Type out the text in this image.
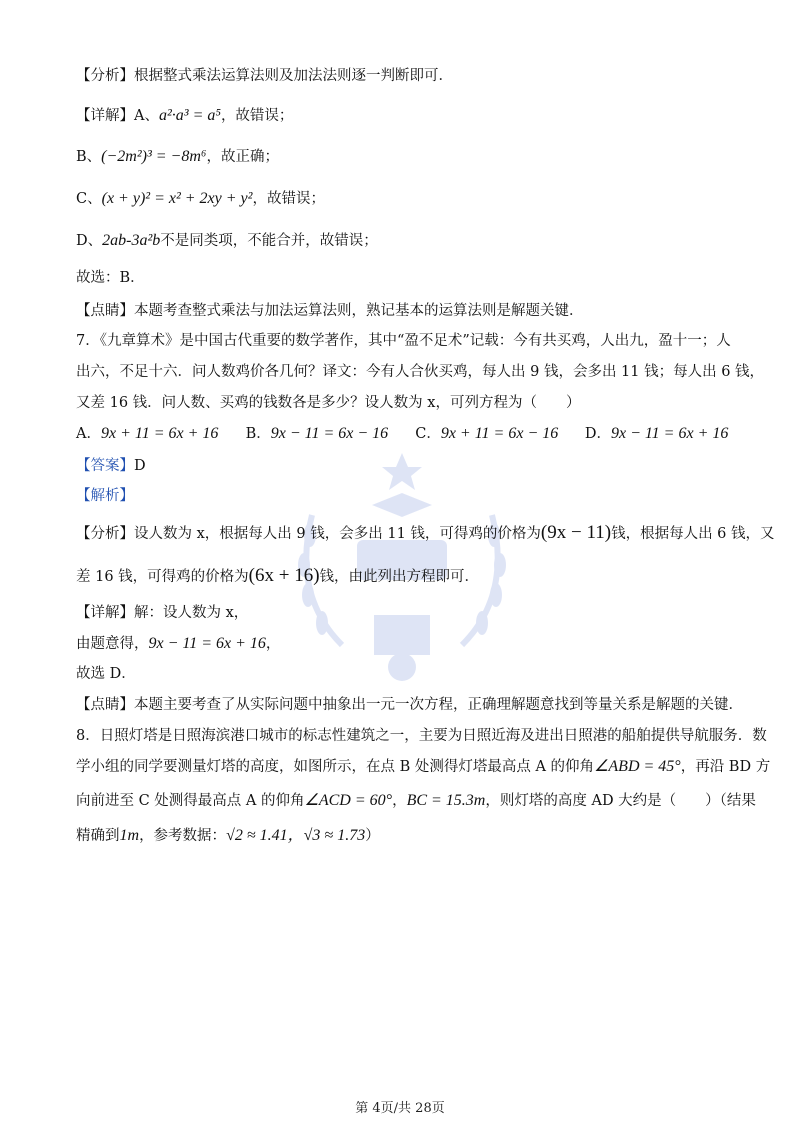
【分析】根据整式乘法运算法则及加法法则逐一判断即可．
【详解】A、a²·a³ = a⁵，故错误；
B、(−2m²)³ = −8m⁶，故正确；
C、(x + y)² = x² + 2xy + y²，故错误；
D、2ab-3a²b不是同类项，不能合并，故错误；
故选：B．
【点睛】本题考查整式乘法与加法运算法则，熟记基本的运算法则是解题关键．
7．《九章算术》是中国古代重要的数学著作，其中“盈不足术”记载：今有共买鸡，人出九，盈十一；人
出六，不足十六．问人数鸡价各几何？译文：今有人合伙买鸡，每人出 9 钱，会多出 11 钱；每人出 6 钱，
又差 16 钱．问人数、买鸡的钱数各是多少？设人数为 x，可列方程为（　　）
A．9x + 11 = 6x + 16 B．9x − 11 = 6x − 16 C．9x + 11 = 6x − 16 D．9x − 11 = 6x + 16
【答案】D
【解析】
【分析】设人数为 x，根据每人出 9 钱，会多出 11 钱，可得鸡的价格为(9x − 11)钱，根据每人出 6 钱，又
差 16 钱，可得鸡的价格为(6x + 16)钱，由此列出方程即可．
【详解】解：设人数为 x，
由题意得，9x − 11 = 6x + 16，
故选 D．
【点睛】本题主要考查了从实际问题中抽象出一元一次方程，正确理解题意找到等量关系是解题的关键．
8．日照灯塔是日照海滨港口城市的标志性建筑之一，主要为日照近海及进出日照港的船舶提供导航服务．数
学小组的同学要测量灯塔的高度，如图所示，在点 B 处测得灯塔最高点 A 的仰角∠ABD = 45°，再沿 BD 方
向前进至 C 处测得最高点 A 的仰角∠ACD = 60°，BC = 15.3m，则灯塔的高度 AD 大约是（　　）（结果
精确到1m，参考数据：√2 ≈ 1.41，√3 ≈ 1.73）
第 4页/共 28页
